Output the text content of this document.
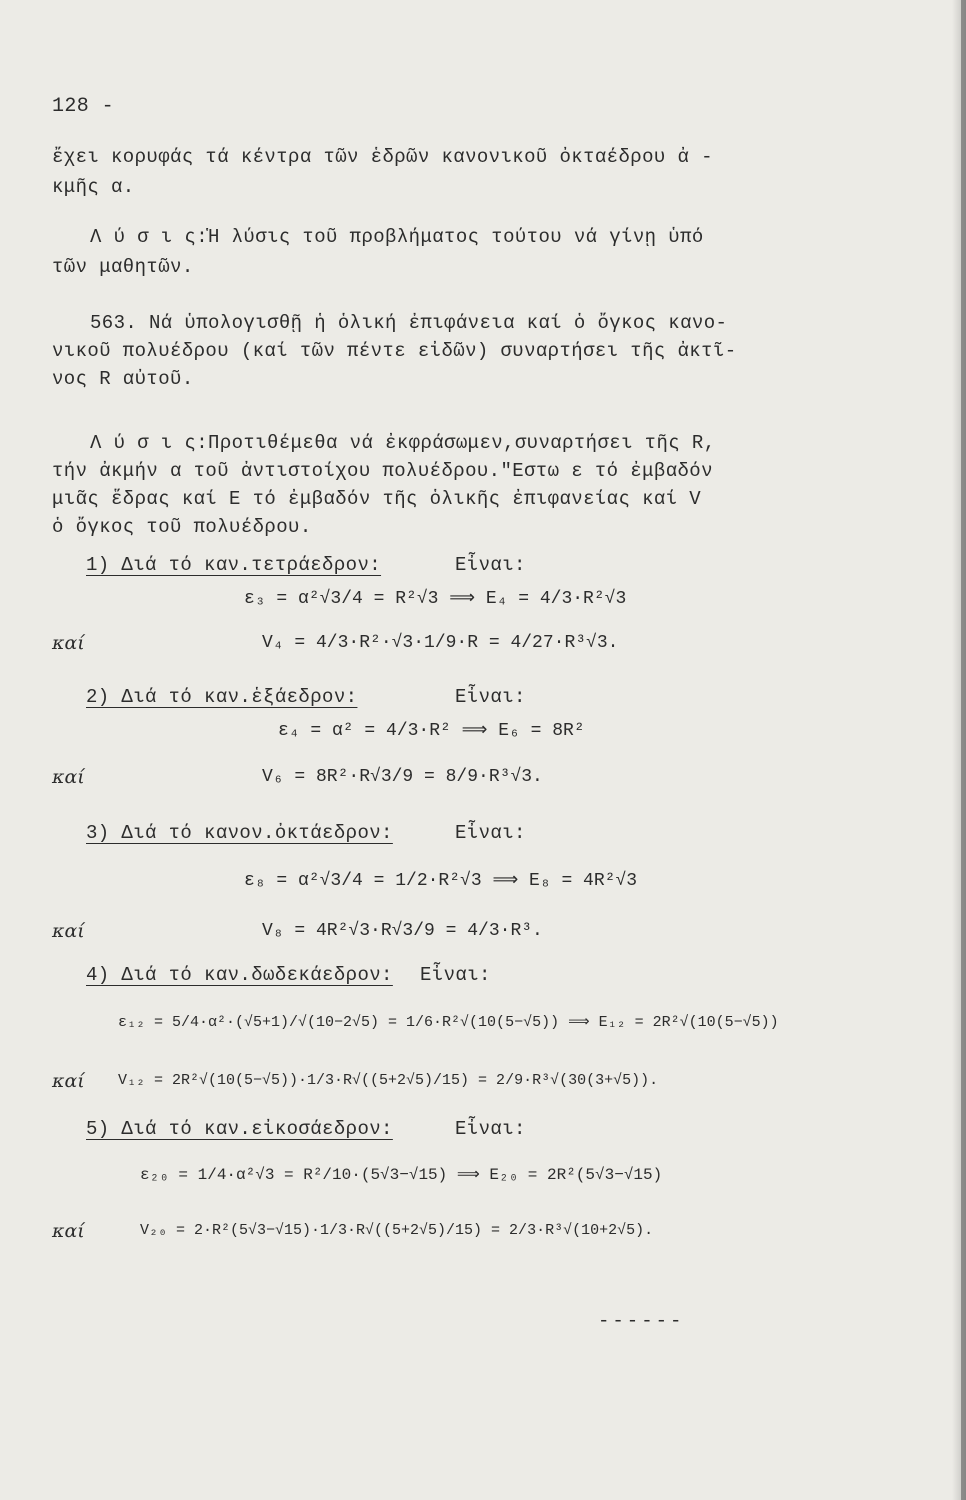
128 -
ἔχει κορυφάς τά κέντρα τῶν ἑδρῶν κανονικοῦ ὀκταέδρου ἀ -
κμῆς α.
Λ ύ σ ι ς:Ἡ λύσις τοῦ προβλήματος τούτου νά γίνῃ ὑπό
τῶν μαθητῶν.
563. Νά ὑπολογισθῇ ἡ ὁλική ἐπιφάνεια καί ὁ ὄγκος κανο-
νικοῦ πολυέδρου (καί τῶν πέντε εἰδῶν) συναρτήσει τῆς ἀκτῖ-
νος R αὐτοῦ.
Λ ύ σ ι ς:Προτιθέμεθα νά ἐκφράσωμεν,συναρτήσει τῆς R,
τήν ἀκμήν α τοῦ ἀντιστοίχου πολυέδρου."Εστω ε τό ἐμβαδόν
μιᾶς ἕδρας καί Ε τό ἐμβαδόν τῆς ὁλικῆς ἐπιφανείας καί V
ὁ ὄγκος τοῦ πολυέδρου.
1) Διά τό καν.τετράεδρον:	Εἶναι:
ε₃ = α²√3/4 = R²√3 ⟹ E₄ = 4/3·R²√3
καί	V₄ = 4/3·R²·√3·1/9·R = 4/27·R³√3.
2) Διά τό καν.ἑξάεδρον:	Εἶναι:
ε₄ = α² = 4/3·R² ⟹ E₆ = 8R²
καί	V₆ = 8R²·R√3/9 = 8/9·R³√3.
3) Διά τό κανον.ὀκτάεδρον:	Εἶναι:
ε₈ = α²√3/4 = 1/2·R²√3 ⟹ E₈ = 4R²√3
καί	V₈ = 4R²√3·R√3/9 = 4/3·R³.
4) Διά τό καν.δωδεκάεδρον: Εἶναι:
ε₁₂ = 5/4·α²·(√5+1)/√(10−2√5) = 1/6·R²√(10(5−√5)) ⟹ E₁₂ = 2R²√(10(5−√5))
καί V₁₂ = 2R²√(10(5−√5))·1/3·R√((5+2√5)/15) = 2/9·R³√(30(3+√5)).
5) Διά τό καν.εἰκοσάεδρον:	Εἶναι:
ε₂₀ = 1/4·α²√3 = R²/10·(5√3−√15) ⟹ E₂₀ = 2R²(5√3−√15)
καί	V₂₀ = 2·R²(5√3−√15)·1/3·R√((5+2√5)/15) = 2/3·R³√(10+2√5).
------
